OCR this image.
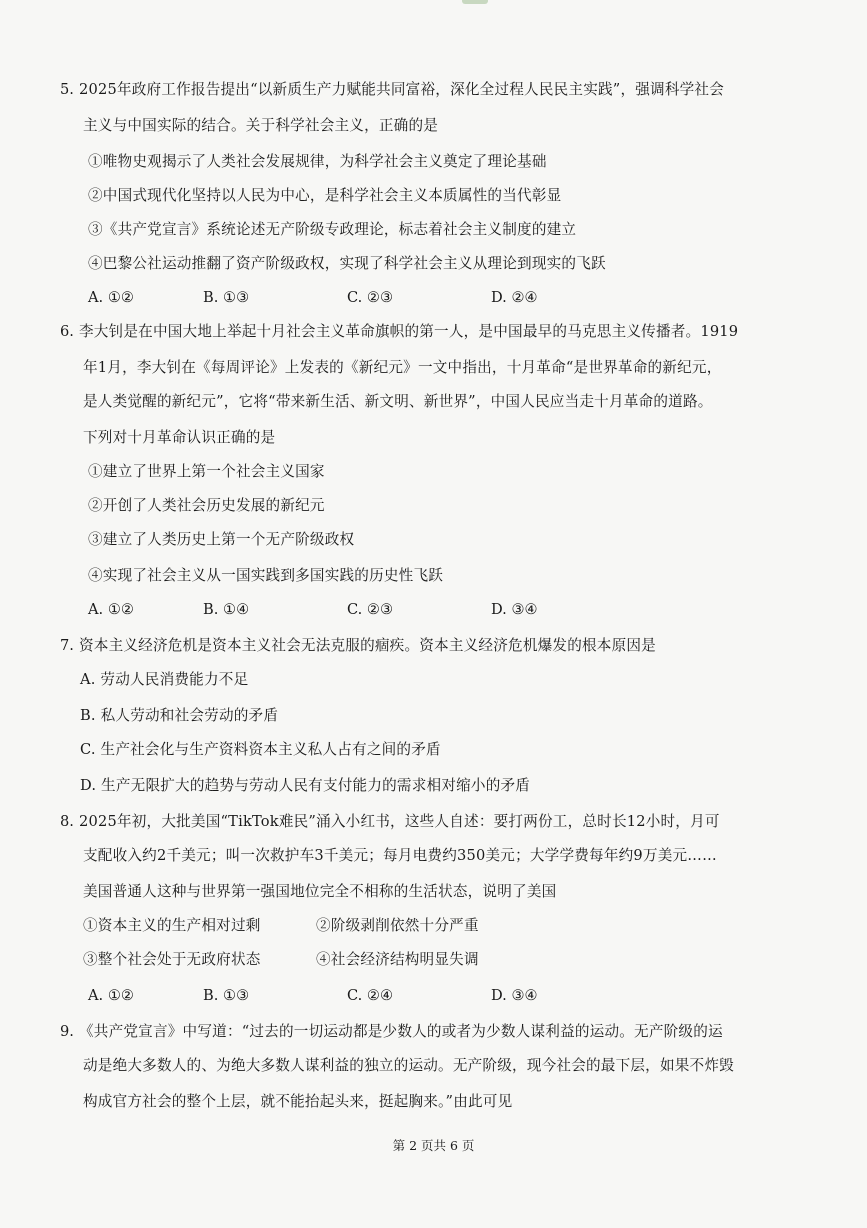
5. 2025年政府工作报告提出“以新质生产力赋能共同富裕，深化全过程人民民主实践”，强调科学社会
主义与中国实际的结合。关于科学社会主义，正确的是
①唯物史观揭示了人类社会发展规律，为科学社会主义奠定了理论基础
②中国式现代化坚持以人民为中心，是科学社会主义本质属性的当代彰显
③《共产党宣言》系统论述无产阶级专政理论，标志着社会主义制度的建立
④巴黎公社运动推翻了资产阶级政权，实现了科学社会主义从理论到现实的飞跃
A. ①②	B. ①③	C. ②③	D. ②④
6. 李大钊是在中国大地上举起十月社会主义革命旗帜的第一人，是中国最早的马克思主义传播者。1919
年1月，李大钊在《每周评论》上发表的《新纪元》一文中指出，十月革命“是世界革命的新纪元，
是人类觉醒的新纪元”，它将“带来新生活、新文明、新世界”，中国人民应当走十月革命的道路。
下列对十月革命认识正确的是
①建立了世界上第一个社会主义国家
②开创了人类社会历史发展的新纪元
③建立了人类历史上第一个无产阶级政权
④实现了社会主义从一国实践到多国实践的历史性飞跃
A. ①②	B. ①④	C. ②③	D. ③④
7. 资本主义经济危机是资本主义社会无法克服的痼疾。资本主义经济危机爆发的根本原因是
A. 劳动人民消费能力不足
B. 私人劳动和社会劳动的矛盾
C. 生产社会化与生产资料资本主义私人占有之间的矛盾
D. 生产无限扩大的趋势与劳动人民有支付能力的需求相对缩小的矛盾
8. 2025年初，大批美国“TikTok难民”涌入小红书，这些人自述：要打两份工，总时长12小时，月可
支配收入约2千美元；叫一次救护车3千美元；每月电费约350美元；大学学费每年约9万美元……
美国普通人这种与世界第一强国地位完全不相称的生活状态，说明了美国
①资本主义的生产相对过剩	②阶级剥削依然十分严重
③整个社会处于无政府状态	④社会经济结构明显失调
A. ①②	B. ①③	C. ②④	D. ③④
9. 《共产党宣言》中写道：“过去的一切运动都是少数人的或者为少数人谋利益的运动。无产阶级的运
动是绝大多数人的、为绝大多数人谋利益的独立的运动。无产阶级，现今社会的最下层，如果不炸毁
构成官方社会的整个上层，就不能抬起头来，挺起胸来。”由此可见
第 2 页共 6 页
